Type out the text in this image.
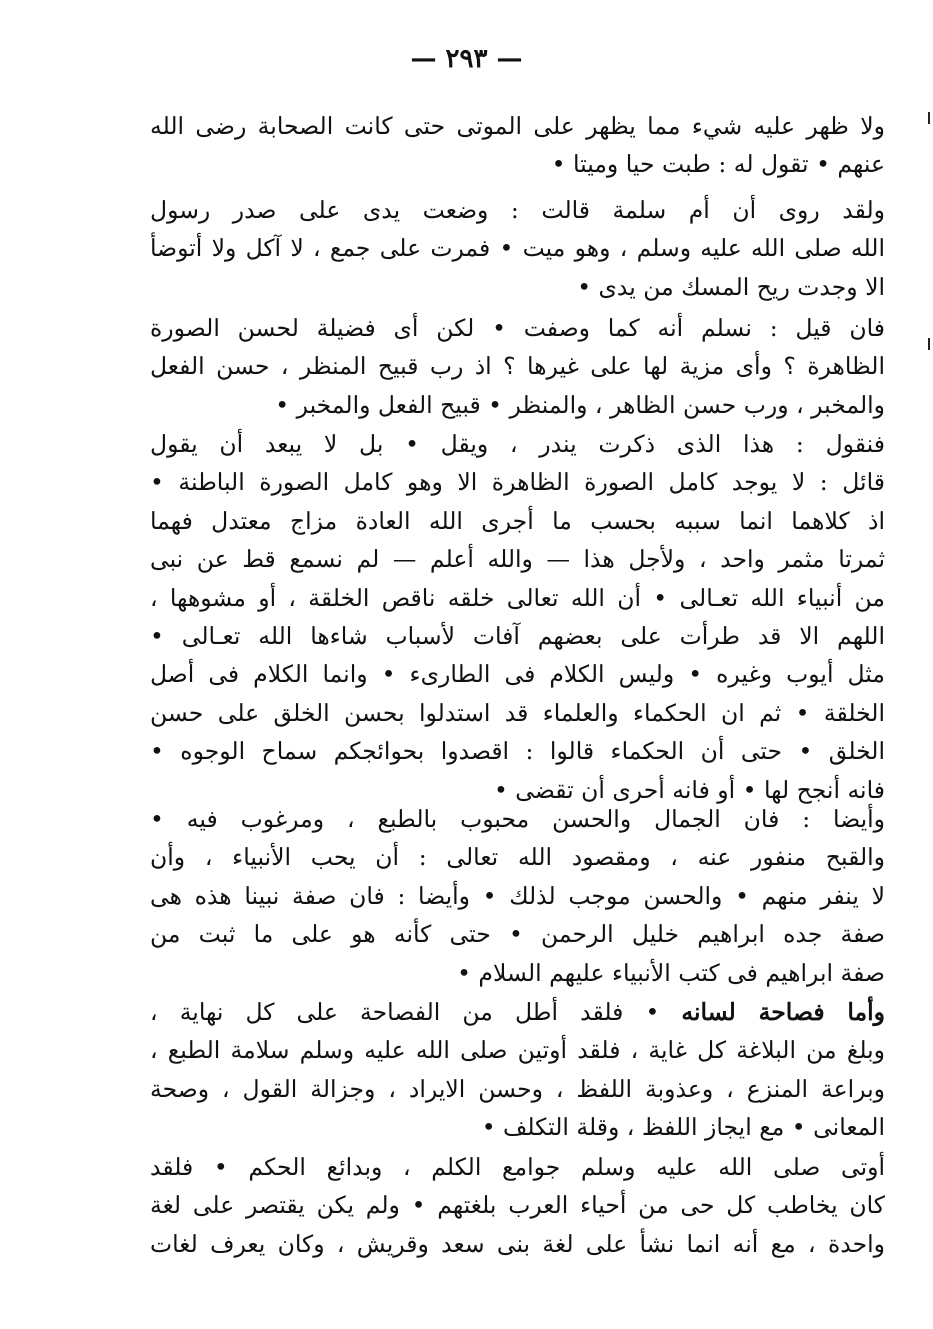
— ٢٩٣ —
ولا ظهر عليه شيء مما يظهر على الموتى حتى كانت الصحابة رضى الله
عنهم • تقول له : طبت حيا وميتا •
ولقد روى أن أم سلمة قالت : وضعت يدى على صدر رسول
الله صلى الله عليه وسلم ، وهو ميت • فمرت على جمع ، لا آكل ولا أتوضأ
الا وجدت ريح المسك من يدى •
فان قيل : نسلم أنه كما وصفت • لكن أى فضيلة لحسن الصورة
الظاهرة ؟ وأى مزية لها على غيرها ؟ اذ رب قبيح المنظر ، حسن الفعل
والمخبر ، ورب حسن الظاهر ، والمنظر • قبيح الفعل والمخبر •
فنقول : هذا الذى ذكرت يندر ، ويقل • بل لا يبعد أن يقول
قائل : لا يوجد كامل الصورة الظاهرة الا وهو كامل الصورة الباطنة •
اذ كلاهما انما سببه بحسب ما أجرى الله العادة مزاج معتدل فهما
ثمرتا مثمر واحد ، ولأجل هذا — والله أعلم — لم نسمع قط عن نبى
من أنبياء الله تعـالى • أن الله تعالى خلقه ناقص الخلقة ، أو مشوهها ،
اللهم الا قد طرأت على بعضهم آفات لأسباب شاءها الله تعـالى •
مثل أيوب وغيره • وليس الكلام فى الطارىء • وانما الكلام فى أصل
الخلقة • ثم ان الحكماء والعلماء قد استدلوا بحسن الخلق على حسن
الخلق • حتى أن الحكماء قالوا : اقصدوا بحوائجكم سماح الوجوه •
فانه أنجح لها • أو فانه أحرى أن تقضى •
وأيضا : فان الجمال والحسن محبوب بالطبع ، ومرغوب فيه •
والقبح منفور عنه ، ومقصود الله تعالى : أن يحب الأنبياء ، وأن
لا ينفر منهم • والحسن موجب لذلك • وأيضا : فان صفة نبينا هذه هى
صفة جده ابراهيم خليل الرحمن • حتى كأنه هو على ما ثبت من
صفة ابراهيم فى كتب الأنبياء عليهم السلام •
وأما فصاحة لسانه • فلقد أطل من الفصاحة على كل نهاية ،
وبلغ من البلاغة كل غاية ، فلقد أوتين صلى الله عليه وسلم سلامة الطبع ،
وبراعة المنزع ، وعذوبة اللفظ ، وحسن الايراد ، وجزالة القول ، وصحة
المعانى • مع ايجاز اللفظ ، وقلة التكلف •
أوتى صلى الله عليه وسلم جوامع الكلم ، وبدائع الحكم • فلقد
كان يخاطب كل حى من أحياء العرب بلغتهم • ولم يكن يقتصر على لغة
واحدة ، مع أنه انما نشأ على لغة بنى سعد وقريش ، وكان يعرف لغات
